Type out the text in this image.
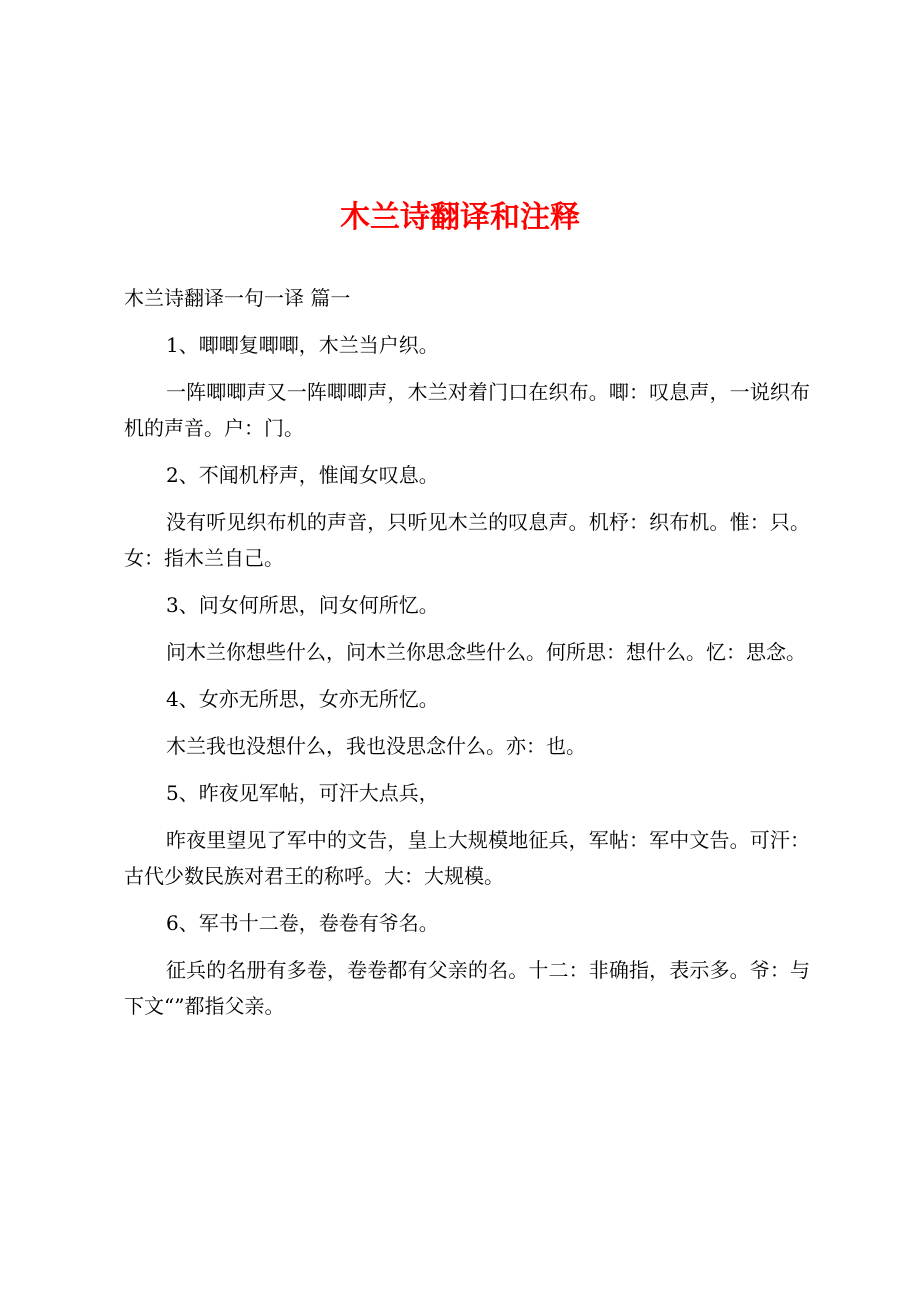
木兰诗翻译和注释

木兰诗翻译一句一译 篇一

1、唧唧复唧唧，木兰当户织。

一阵唧唧声又一阵唧唧声，木兰对着门口在织布。唧：叹息声，一说织布机的声音。户：门。

2、不闻机杼声，惟闻女叹息。

没有听见织布机的声音，只听见木兰的叹息声。机杼：织布机。惟：只。女：指木兰自己。

3、问女何所思，问女何所忆。

问木兰你想些什么，问木兰你思念些什么。何所思：想什么。忆：思念。

4、女亦无所思，女亦无所忆。

木兰我也没想什么，我也没思念什么。亦：也。

5、昨夜见军帖，可汗大点兵，

昨夜里望见了军中的文告，皇上大规模地征兵，军帖：军中文告。可汗：古代少数民族对君王的称呼。大：大规模。

6、军书十二卷，卷卷有爷名。

征兵的名册有多卷，卷卷都有父亲的名。十二：非确指，表示多。爷：与下文“”都指父亲。
